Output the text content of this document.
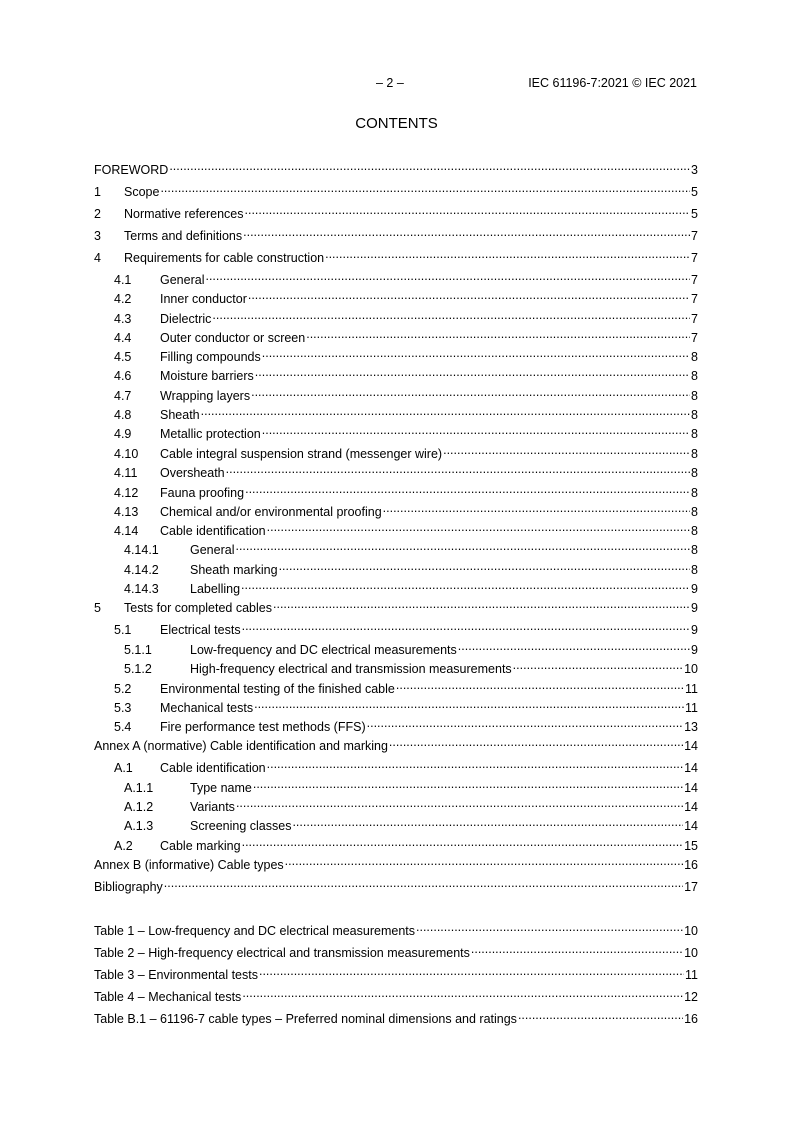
– 2 –	IEC 61196-7:2021 © IEC 2021
CONTENTS
FOREWORD .....	3
1	Scope .....	5
2	Normative references .....	5
3	Terms and definitions .....	7
4	Requirements for cable construction .....	7
4.1	General .....	7
4.2	Inner conductor .....	7
4.3	Dielectric .....	7
4.4	Outer conductor or screen .....	7
4.5	Filling compounds .....	8
4.6	Moisture barriers .....	8
4.7	Wrapping layers .....	8
4.8	Sheath .....	8
4.9	Metallic protection .....	8
4.10	Cable integral suspension strand (messenger wire) .....	8
4.11	Oversheath .....	8
4.12	Fauna proofing .....	8
4.13	Chemical and/or environmental proofing .....	8
4.14	Cable identification .....	8
4.14.1	General .....	8
4.14.2	Sheath marking .....	8
4.14.3	Labelling .....	9
5	Tests for completed cables .....	9
5.1	Electrical tests .....	9
5.1.1	Low-frequency and DC electrical measurements .....	9
5.1.2	High-frequency electrical and transmission measurements .....	10
5.2	Environmental testing of the finished cable .....	11
5.3	Mechanical tests .....	11
5.4	Fire performance test methods (FFS) .....	13
Annex A (normative) Cable identification and marking .....	14
A.1	Cable identification .....	14
A.1.1	Type name .....	14
A.1.2	Variants .....	14
A.1.3	Screening classes .....	14
A.2	Cable marking .....	15
Annex B (informative) Cable types .....	16
Bibliography .....	17
Table 1 – Low-frequency and DC electrical measurements .....	10
Table 2 – High-frequency electrical and transmission measurements .....	10
Table 3 – Environmental tests .....	11
Table 4 – Mechanical tests .....	12
Table B.1 – 61196-7 cable types – Preferred nominal dimensions and ratings .....	16
